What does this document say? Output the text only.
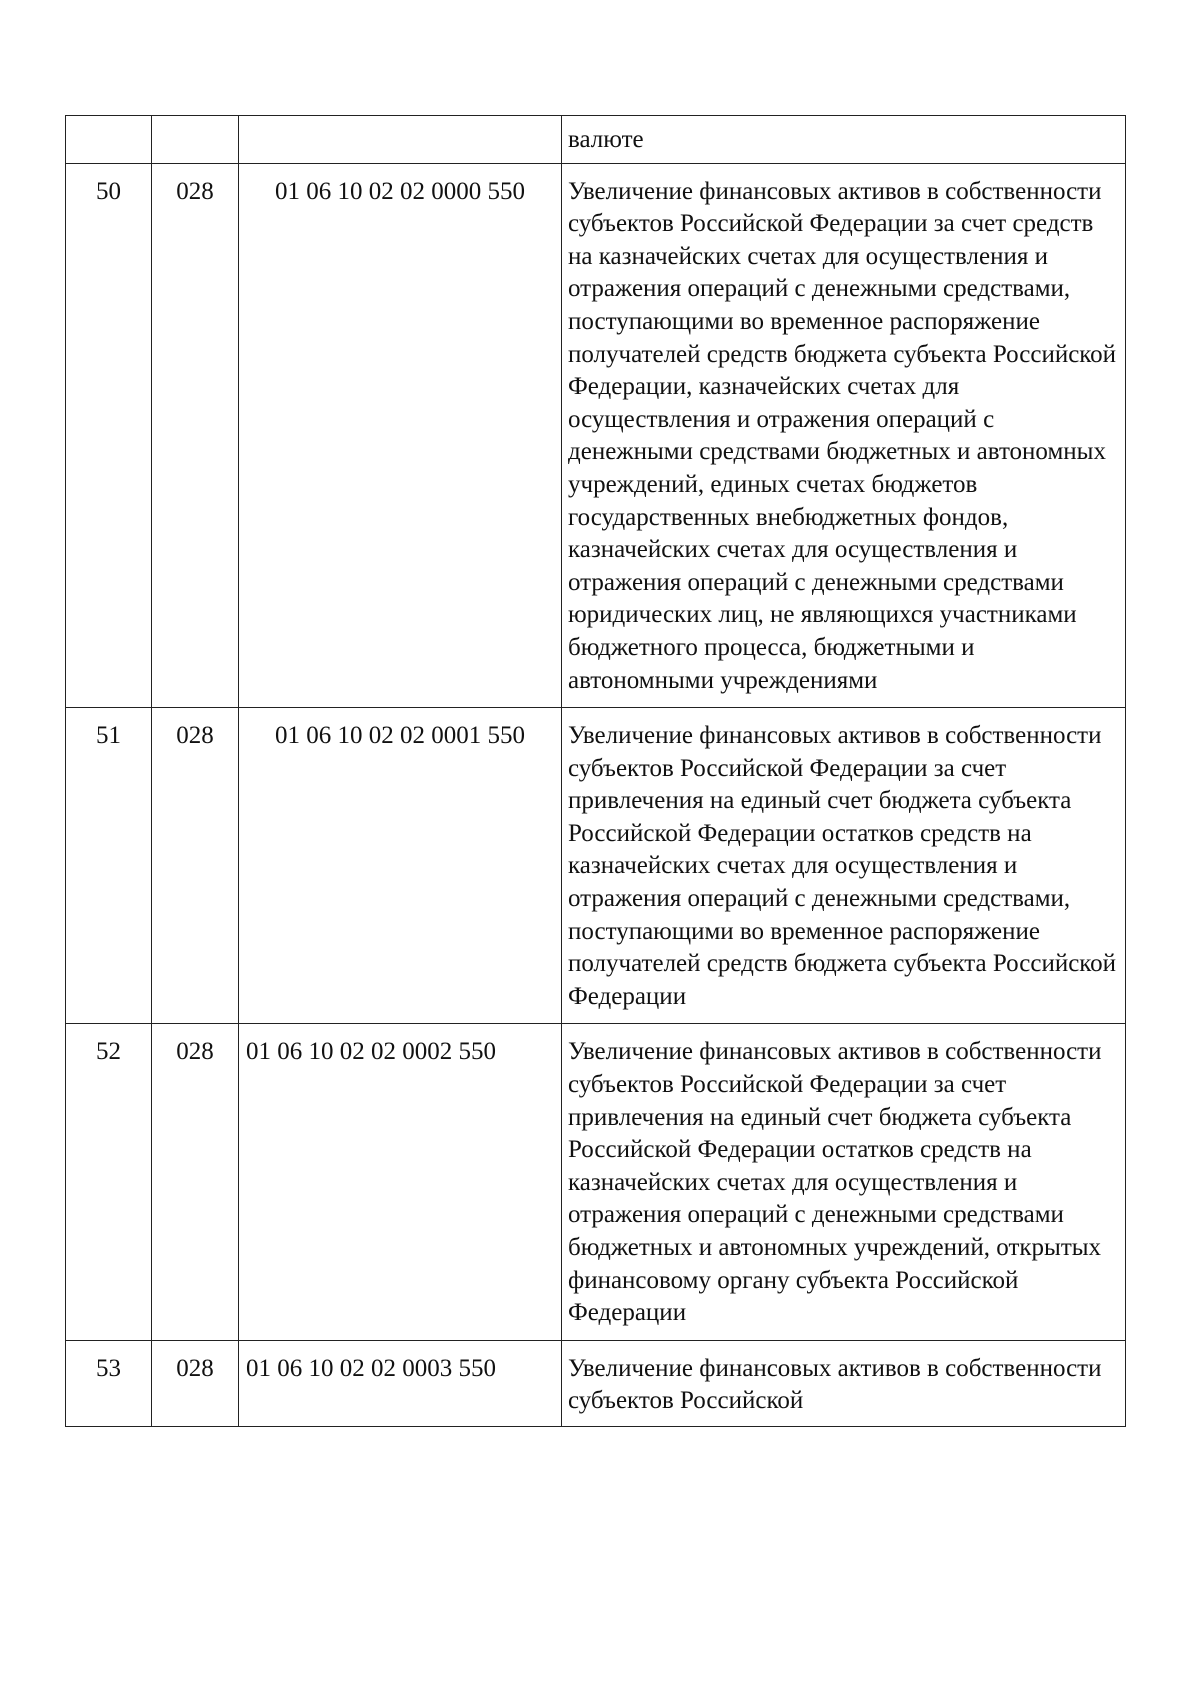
			валюте
50	028	01 06 10 02 02 0000 550	Увеличение финансовых активов в собственности субъектов Российской Федерации за счет средств на казначейских счетах для осуществления и отражения операций с денежными средствами, поступающими во временное распоряжение получателей средств бюджета субъекта Российской Федерации, казначейских счетах для осуществления и отражения операций с денежными средствами бюджетных и автономных учреждений, единых счетах бюджетов государственных внебюджетных фондов, казначейских счетах для осуществления и отражения операций с денежными средствами юридических лиц, не являющихся участниками бюджетного процесса, бюджетными и автономными учреждениями
51	028	01 06 10 02 02 0001 550	Увеличение финансовых активов в собственности субъектов Российской Федерации за счет привлечения на единый счет бюджета субъекта Российской Федерации остатков средств на казначейских счетах для осуществления и отражения операций с денежными средствами, поступающими во временное распоряжение получателей средств бюджета субъекта Российской Федерации
52	028	01 06 10 02 02 0002 550	Увеличение финансовых активов в собственности субъектов Российской Федерации за счет привлечения на единый счет бюджета субъекта Российской Федерации остатков средств на казначейских счетах для осуществления и отражения операций с денежными средствами бюджетных и автономных учреждений, открытых финансовому органу субъекта Российской Федерации
53	028	01 06 10 02 02 0003 550	Увеличение финансовых активов в собственности субъектов Российской
